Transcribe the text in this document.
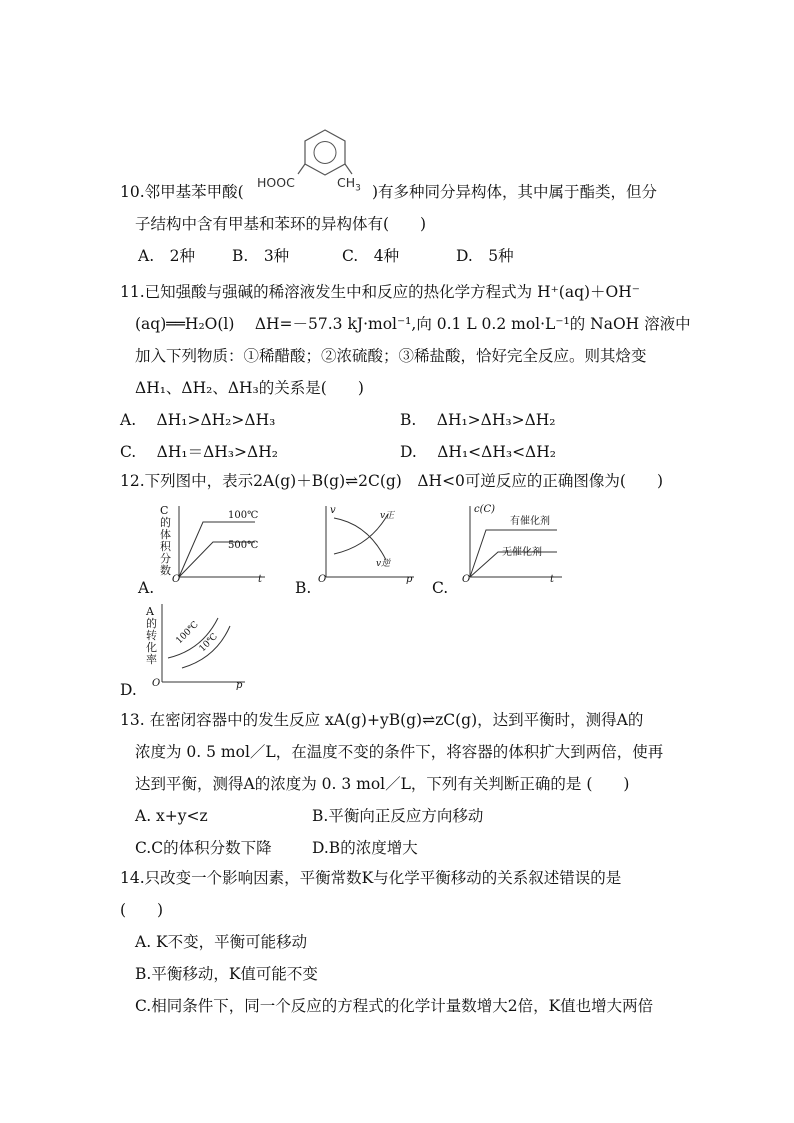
10.邻甲基苯甲酸(
HOOC	$CH_3$ )有多种同分异构体，其中属于酯类，但分
子结构中含有甲基和苯环的异构体有(　　)
A.　2种 B.　3种	C.　4种	D.　5种
11.已知强酸与强碱的稀溶液发生中和反应的热化学方程式为 H⁺(aq)＋OH⁻
(aq)══H₂O(l)　 ΔH=－57.3 kJ·mol⁻¹,向 0.1 L 0.2 mol·L⁻¹的 NaOH 溶液中
加入下列物质：①稀醋酸；②浓硫酸；③稀盐酸，恰好完全反应。则其焓变
ΔH₁、ΔH₂、ΔH₃的关系是(　　)
A.　 ΔH₁>ΔH₂>ΔH₃	B.　 ΔH₁>ΔH₃>ΔH₂
C.　 ΔH₁＝ΔH₃>ΔH₂	D.　 ΔH₁<ΔH₃<ΔH₂
12.下列图中，表示2A(g)＋B(g)⇌2C(g)　ΔH<0可逆反应的正确图像为(　　)
A.
C的体积分数
100℃
500℃
O	t B.
v	v正
v逆
O	p C.
c(C)
有催化剂
无催化剂
O	t
D.
A的转化率
100℃
10℃
O	p
13. 在密闭容器中的发生反应 xA(g)+yB(g)⇌zC(g)，达到平衡时，测得A的
浓度为 0. 5 mol／L，在温度不变的条件下，将容器的体积扩大到两倍，使再
达到平衡，测得A的浓度为 0. 3 mol／L，下列有关判断正确的是 (　　)
A. x+y<z	B.平衡向正反应方向移动
C.C的体积分数下降	D.B的浓度增大
14.只改变一个影响因素，平衡常数K与化学平衡移动的关系叙述错误的是
(　　)
A. K不变，平衡可能移动
B.平衡移动，K值可能不变
C.相同条件下，同一个反应的方程式的化学计量数增大2倍，K值也增大两倍
